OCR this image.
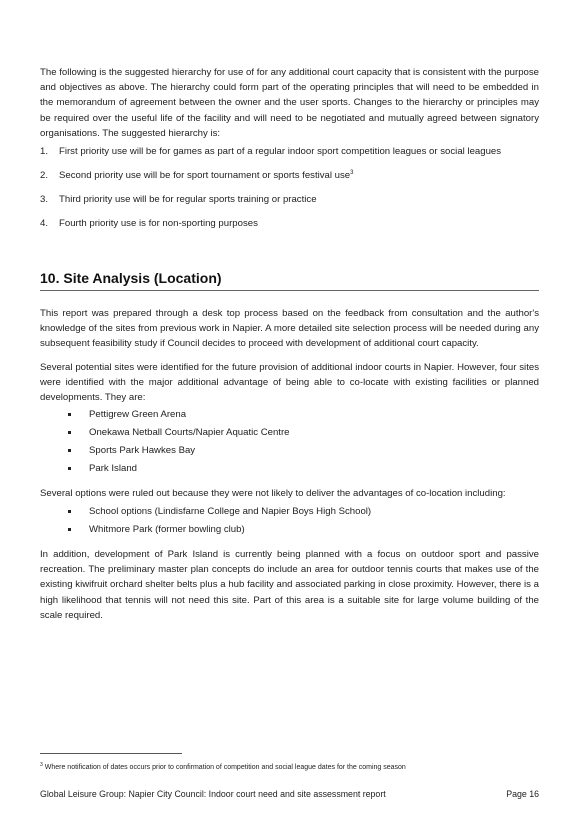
The following is the suggested hierarchy for use of for any additional court capacity that is consistent with the purpose and objectives as above. The hierarchy could form part of the operating principles that will need to be embedded in the memorandum of agreement between the owner and the user sports. Changes to the hierarchy or principles may be required over the useful life of the facility and will need to be negotiated and mutually agreed between signatory organisations. The suggested hierarchy is:
1. First priority use will be for games as part of a regular indoor sport competition leagues or social leagues
2. Second priority use will be for sport tournament or sports festival use$^3$
3. Third priority use will be for regular sports training or practice
4. Fourth priority use is for non-sporting purposes
10. Site Analysis (Location)
This report was prepared through a desk top process based on the feedback from consultation and the author's knowledge of the sites from previous work in Napier. A more detailed site selection process will be needed during any subsequent feasibility study if Council decides to proceed with development of additional court capacity.
Several potential sites were identified for the future provision of additional indoor courts in Napier. However, four sites were identified with the major additional advantage of being able to co-locate with existing facilities or planned developments. They are:
Pettigrew Green Arena
Onekawa Netball Courts/Napier Aquatic Centre
Sports Park Hawkes Bay
Park Island
Several options were ruled out because they were not likely to deliver the advantages of co-location including:
School options (Lindisfarne College and Napier Boys High School)
Whitmore Park (former bowling club)
In addition, development of Park Island is currently being planned with a focus on outdoor sport and passive recreation. The preliminary master plan concepts do include an area for outdoor tennis courts that makes use of the existing kiwifruit orchard shelter belts plus a hub facility and associated parking in close proximity. However, there is a high likelihood that tennis will not need this site. Part of this area is a suitable site for large volume building of the scale required.
$^3$ Where notification of dates occurs prior to confirmation of competition and social league dates for the coming season
Global Leisure Group: Napier City Council: Indoor court need and site assessment report	Page 16
